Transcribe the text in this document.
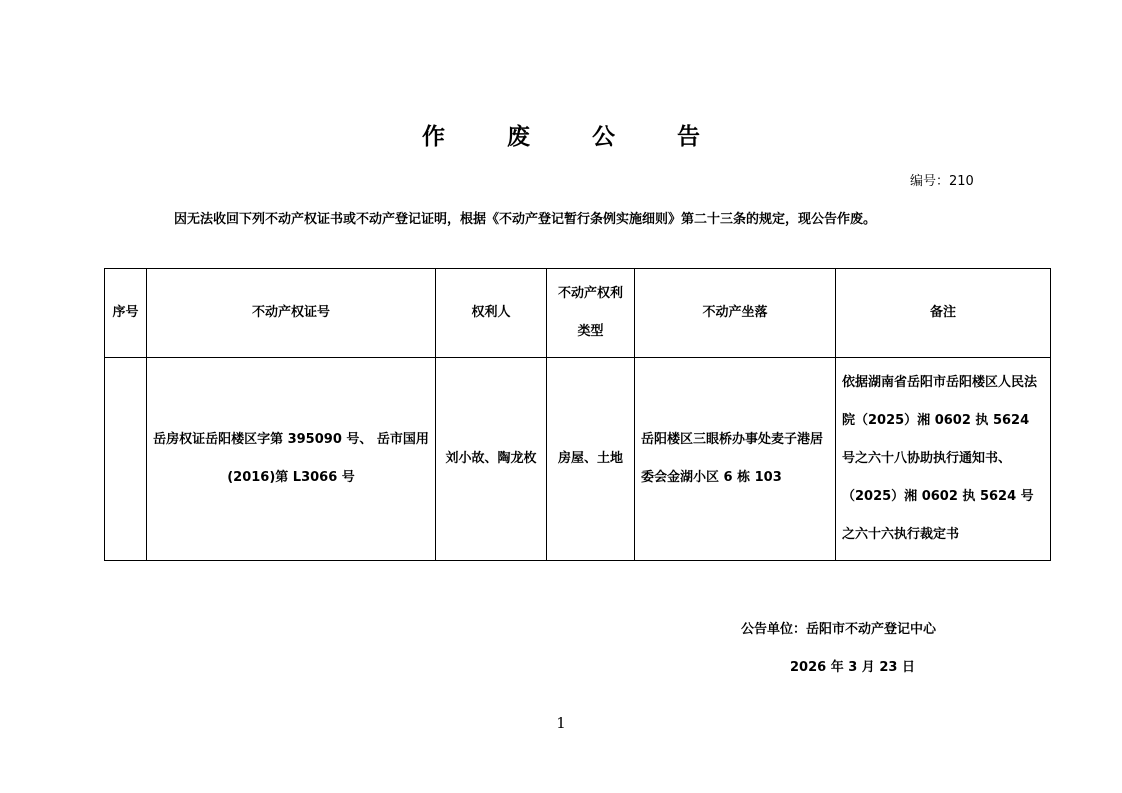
作 废 公 告
编号：210
因无法收回下列不动产权证书或不动产登记证明，根据《不动产登记暂行条例实施细则》第二十三条的规定，现公告作废。
序号	不动产权证号	权利人	不动产权利类型	不动产坐落	备注
	岳房权证岳阳楼区字第 395090 号、 岳市国用(2016)第 L3066 号	刘小故、陶龙枚	房屋、土地	岳阳楼区三眼桥办事处麦子港居委会金湖小区 6 栋 103	依据湖南省岳阳市岳阳楼区人民法院（2025）湘 0602 执 5624 号之六十八协助执行通知书、（2025）湘 0602 执 5624 号之六十六执行裁定书
公告单位：岳阳市不动产登记中心
2026 年 3 月 23 日
1
